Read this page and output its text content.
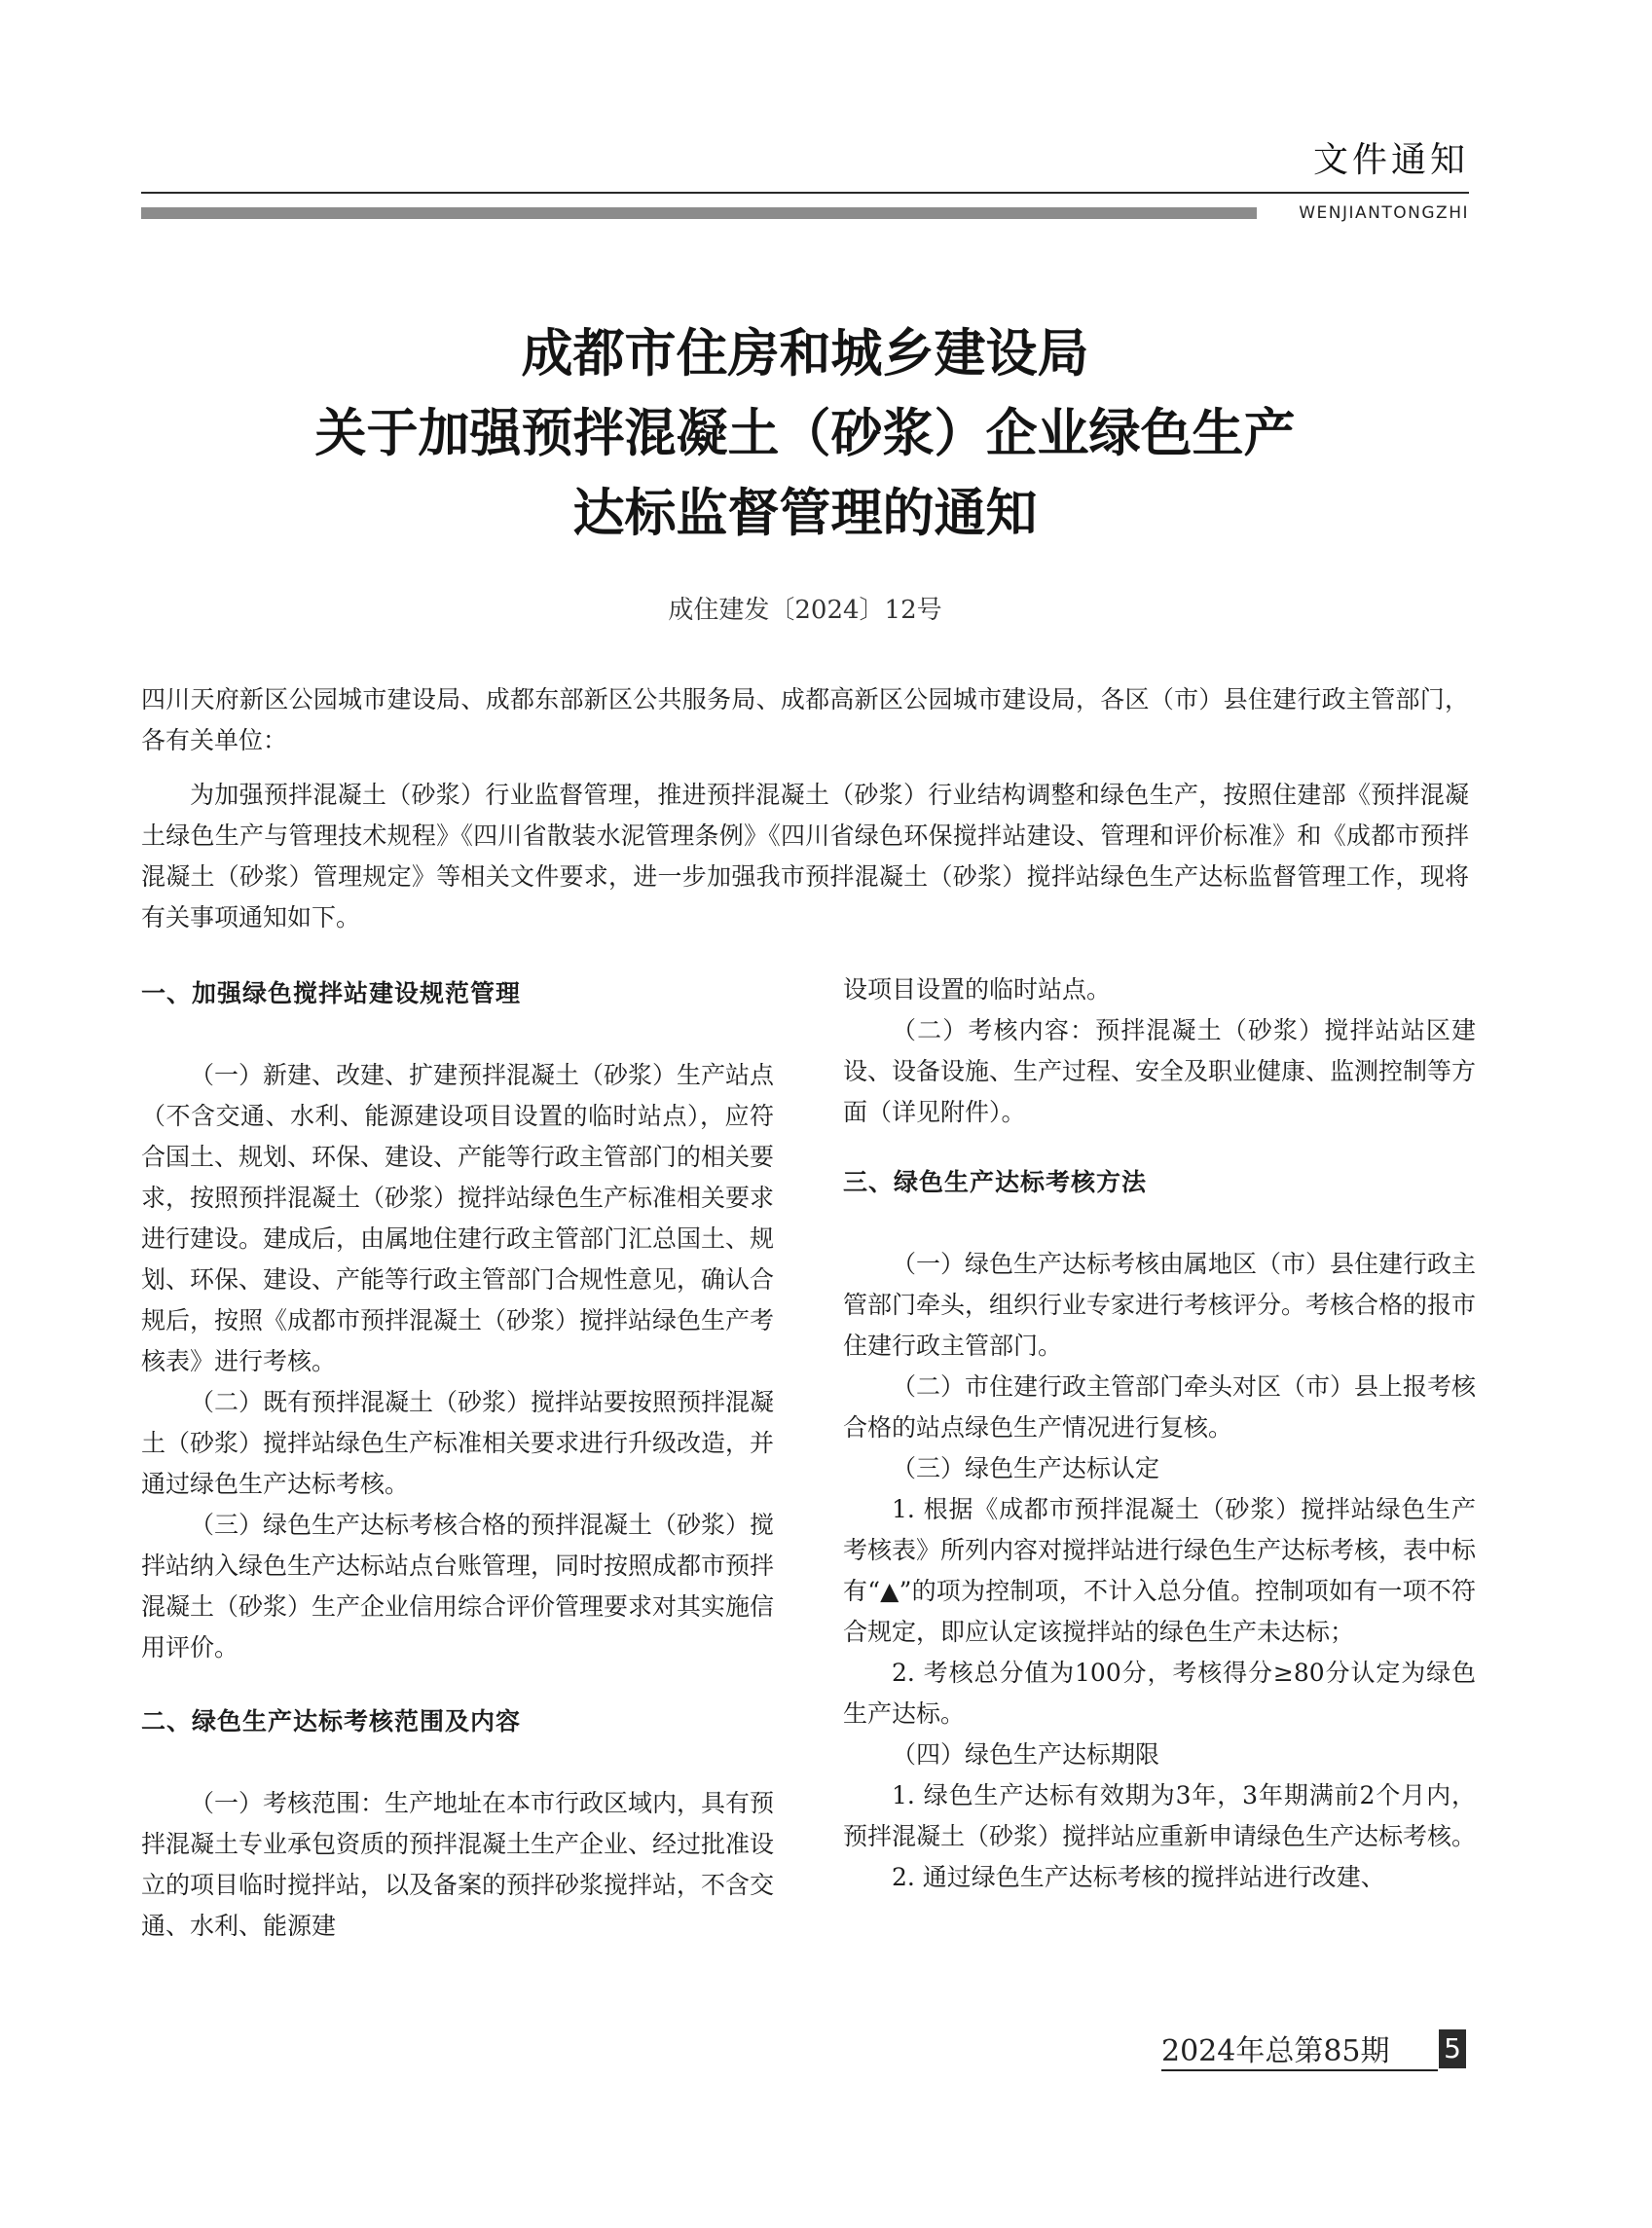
文件通知
WENJIANTONGZHI
成都市住房和城乡建设局
关于加强预拌混凝土（砂浆）企业绿色生产
达标监督管理的通知
成住建发〔2024〕12号

四川天府新区公园城市建设局、成都东部新区公共服务局、成都高新区公园城市建设局，各区（市）县住建行政主管部门，各有关单位：

为加强预拌混凝土（砂浆）行业监督管理，推进预拌混凝土（砂浆）行业结构调整和绿色生产，按照住建部《预拌混凝土绿色生产与管理技术规程》《四川省散装水泥管理条例》《四川省绿色环保搅拌站建设、管理和评价标准》和《成都市预拌混凝土（砂浆）管理规定》等相关文件要求，进一步加强我市预拌混凝土（砂浆）搅拌站绿色生产达标监督管理工作，现将有关事项通知如下。

一、加强绿色搅拌站建设规范管理

（一）新建、改建、扩建预拌混凝土（砂浆）生产站点（不含交通、水利、能源建设项目设置的临时站点），应符合国土、规划、环保、建设、产能等行政主管部门的相关要求，按照预拌混凝土（砂浆）搅拌站绿色生产标准相关要求进行建设。建成后，由属地住建行政主管部门汇总国土、规划、环保、建设、产能等行政主管部门合规性意见，确认合规后，按照《成都市预拌混凝土（砂浆）搅拌站绿色生产考核表》进行考核。

（二）既有预拌混凝土（砂浆）搅拌站要按照预拌混凝土（砂浆）搅拌站绿色生产标准相关要求进行升级改造，并通过绿色生产达标考核。

（三）绿色生产达标考核合格的预拌混凝土（砂浆）搅拌站纳入绿色生产达标站点台账管理，同时按照成都市预拌混凝土（砂浆）生产企业信用综合评价管理要求对其实施信用评价。

二、绿色生产达标考核范围及内容

（一）考核范围：生产地址在本市行政区域内，具有预拌混凝土专业承包资质的预拌混凝土生产企业、经过批准设立的项目临时搅拌站，以及备案的预拌砂浆搅拌站，不含交通、水利、能源建

设项目设置的临时站点。

（二）考核内容：预拌混凝土（砂浆）搅拌站站区建设、设备设施、生产过程、安全及职业健康、监测控制等方面（详见附件）。

三、绿色生产达标考核方法

（一）绿色生产达标考核由属地区（市）县住建行政主管部门牵头，组织行业专家进行考核评分。考核合格的报市住建行政主管部门。

（二）市住建行政主管部门牵头对区（市）县上报考核合格的站点绿色生产情况进行复核。

（三）绿色生产达标认定

1. 根据《成都市预拌混凝土（砂浆）搅拌站绿色生产考核表》所列内容对搅拌站进行绿色生产达标考核，表中标有“▲”的项为控制项，不计入总分值。控制项如有一项不符合规定，即应认定该搅拌站的绿色生产未达标；

2. 考核总分值为100分，考核得分≥80分认定为绿色生产达标。

（四）绿色生产达标期限

1. 绿色生产达标有效期为3年，3年期满前2个月内，预拌混凝土（砂浆）搅拌站应重新申请绿色生产达标考核。

2. 通过绿色生产达标考核的搅拌站进行改建、

2024年总第85期 5
